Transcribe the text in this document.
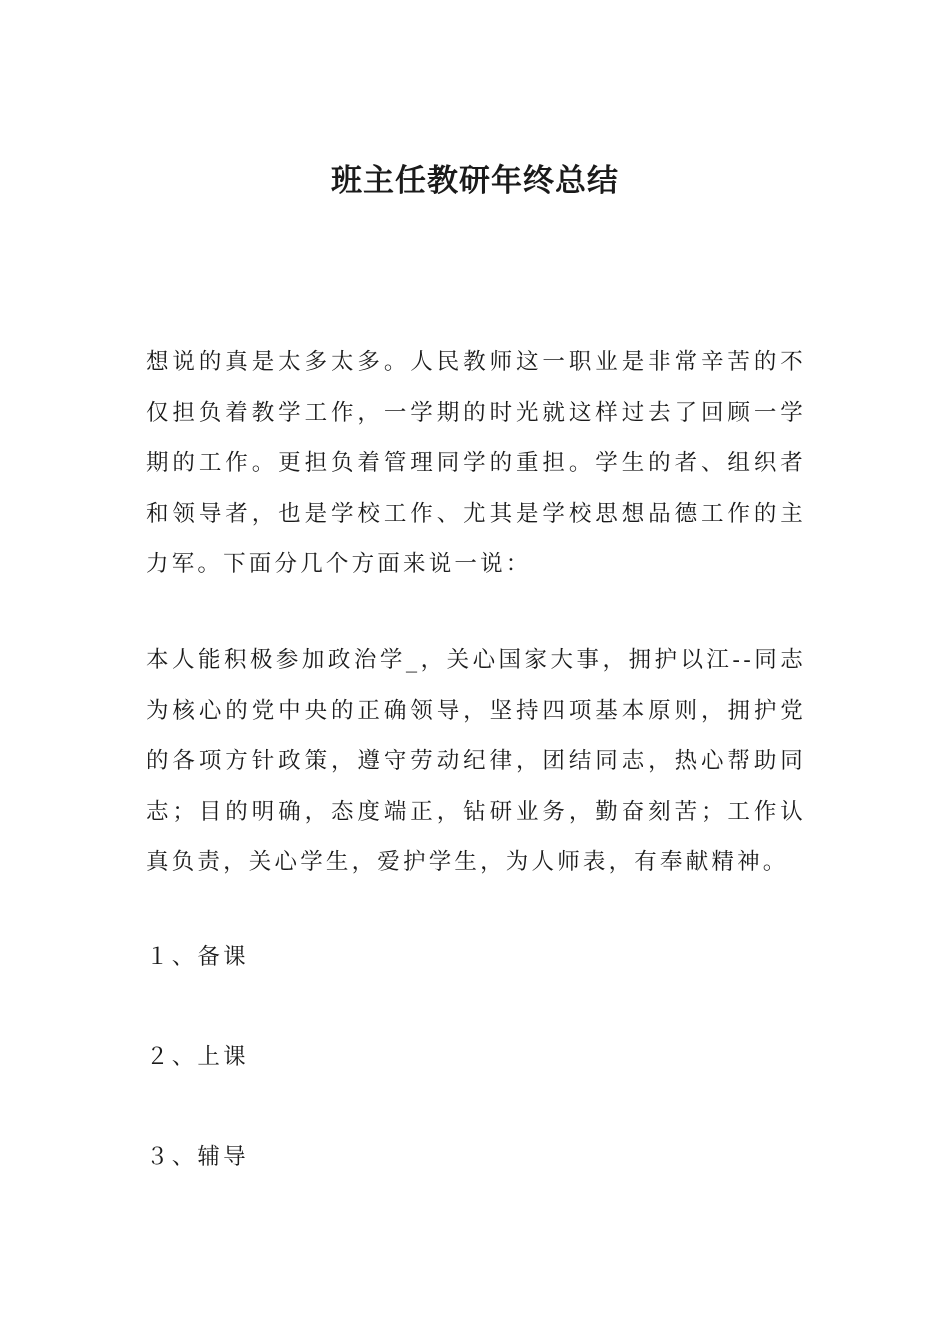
班主任教研年终总结

想说的真是太多太多。人民教师这一职业是非常辛苦的不仅担负着教学工作，一学期的时光就这样过去了回顾一学期的工作。更担负着管理同学的重担。学生的者、组织者和领导者，也是学校工作、尤其是学校思想品德工作的主力军。下面分几个方面来说一说：

本人能积极参加政治学_，关心国家大事，拥护以江--同志为核心的党中央的正确领导，坚持四项基本原则，拥护党的各项方针政策，遵守劳动纪律，团结同志，热心帮助同志；目的明确，态度端正，钻研业务，勤奋刻苦；工作认真负责，关心学生，爱护学生，为人师表，有奉献精神。

１、备课

２、上课

３、辅导
